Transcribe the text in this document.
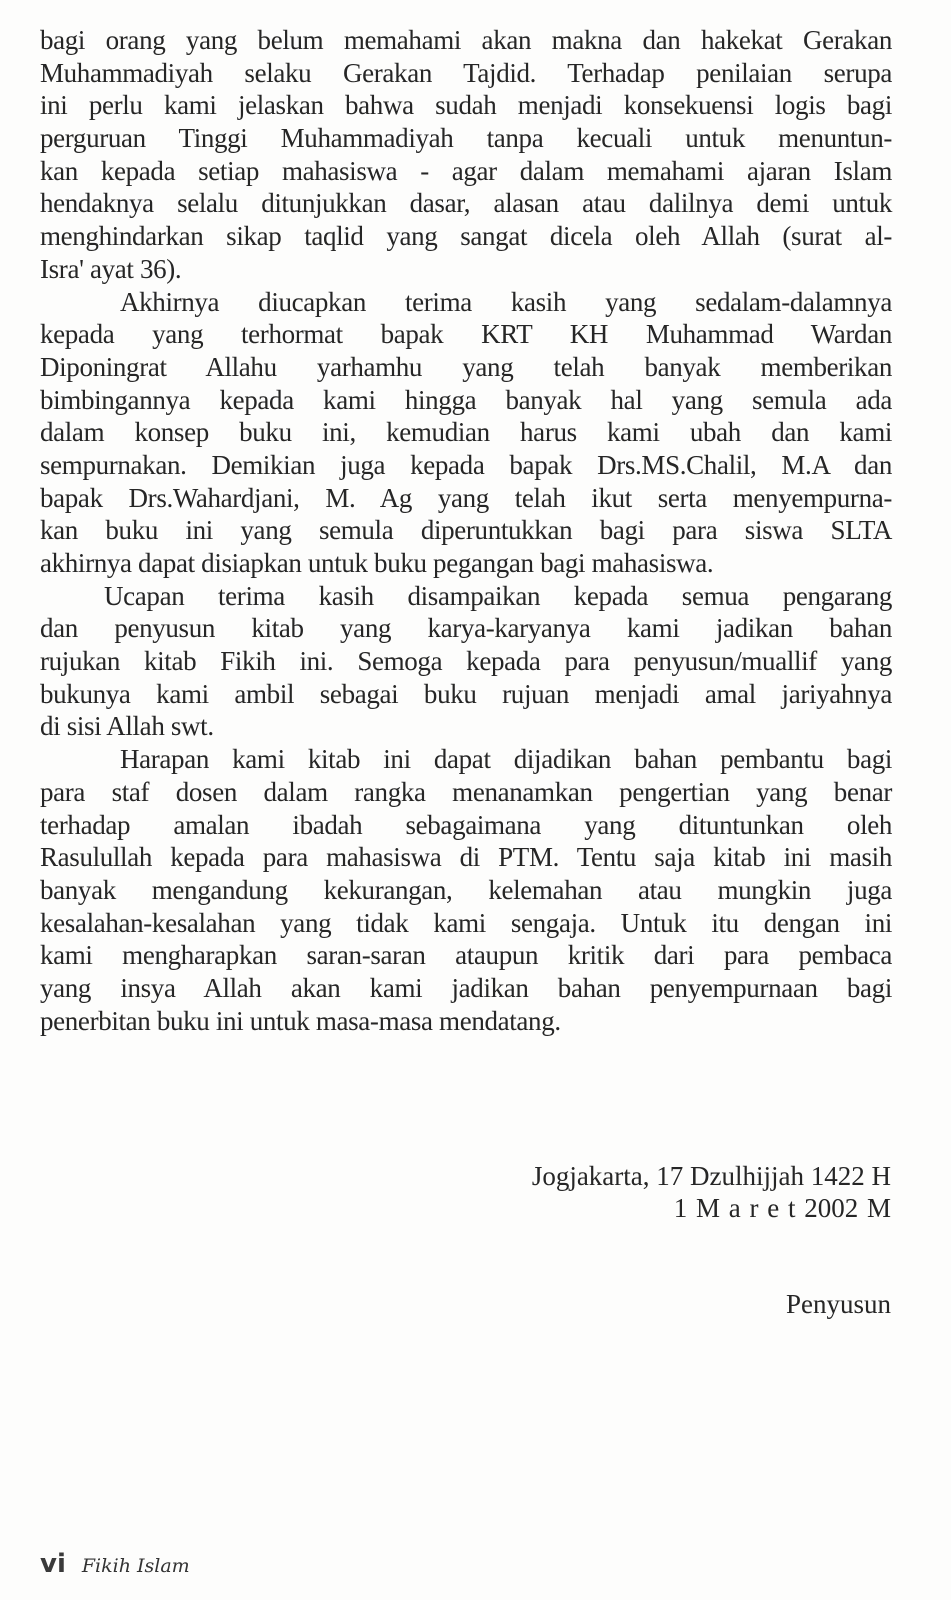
bagi orang yang belum memahami akan makna dan hakekat Gerakan
Muhammadiyah selaku Gerakan Tajdid. Terhadap penilaian serupa
ini perlu kami jelaskan bahwa sudah menjadi konsekuensi logis bagi
perguruan Tinggi Muhammadiyah tanpa kecuali untuk menuntun-
kan kepada setiap mahasiswa - agar dalam memahami ajaran Islam
hendaknya selalu ditunjukkan dasar, alasan atau dalilnya demi untuk
menghindarkan sikap taqlid yang sangat dicela oleh Allah (surat al-
Isra' ayat 36).
Akhirnya diucapkan terima kasih yang sedalam-dalamnya
kepada yang terhormat bapak KRT KH Muhammad Wardan
Diponingrat Allahu yarhamhu yang telah banyak memberikan
bimbingannya kepada kami hingga banyak hal yang semula ada
dalam konsep buku ini, kemudian harus kami ubah dan kami
sempurnakan. Demikian juga kepada bapak Drs.MS.Chalil, M.A dan
bapak Drs.Wahardjani, M. Ag yang telah ikut serta menyempurna-
kan buku ini yang semula diperuntukkan bagi para siswa SLTA
akhirnya dapat disiapkan untuk buku pegangan bagi mahasiswa.
Ucapan terima kasih disampaikan kepada semua pengarang
dan penyusun kitab yang karya-karyanya kami jadikan bahan
rujukan kitab Fikih ini. Semoga kepada para penyusun/muallif yang
bukunya kami ambil sebagai buku rujuan menjadi amal jariyahnya
di sisi Allah swt.
Harapan kami kitab ini dapat dijadikan bahan pembantu bagi
para staf dosen dalam rangka menanamkan pengertian yang benar
terhadap amalan ibadah sebagaimana yang dituntunkan oleh
Rasulullah kepada para mahasiswa di PTM. Tentu saja kitab ini masih
banyak mengandung kekurangan, kelemahan atau mungkin juga
kesalahan-kesalahan yang tidak kami sengaja. Untuk itu dengan ini
kami mengharapkan saran-saran ataupun kritik dari para pembaca
yang insya Allah akan kami jadikan bahan penyempurnaan bagi
penerbitan buku ini untuk masa-masa mendatang.
Jogjakarta, 17 Dzulhijjah 1422 H
1 M a r e t 2002 M
Penyusun
vi Fikih Islam
